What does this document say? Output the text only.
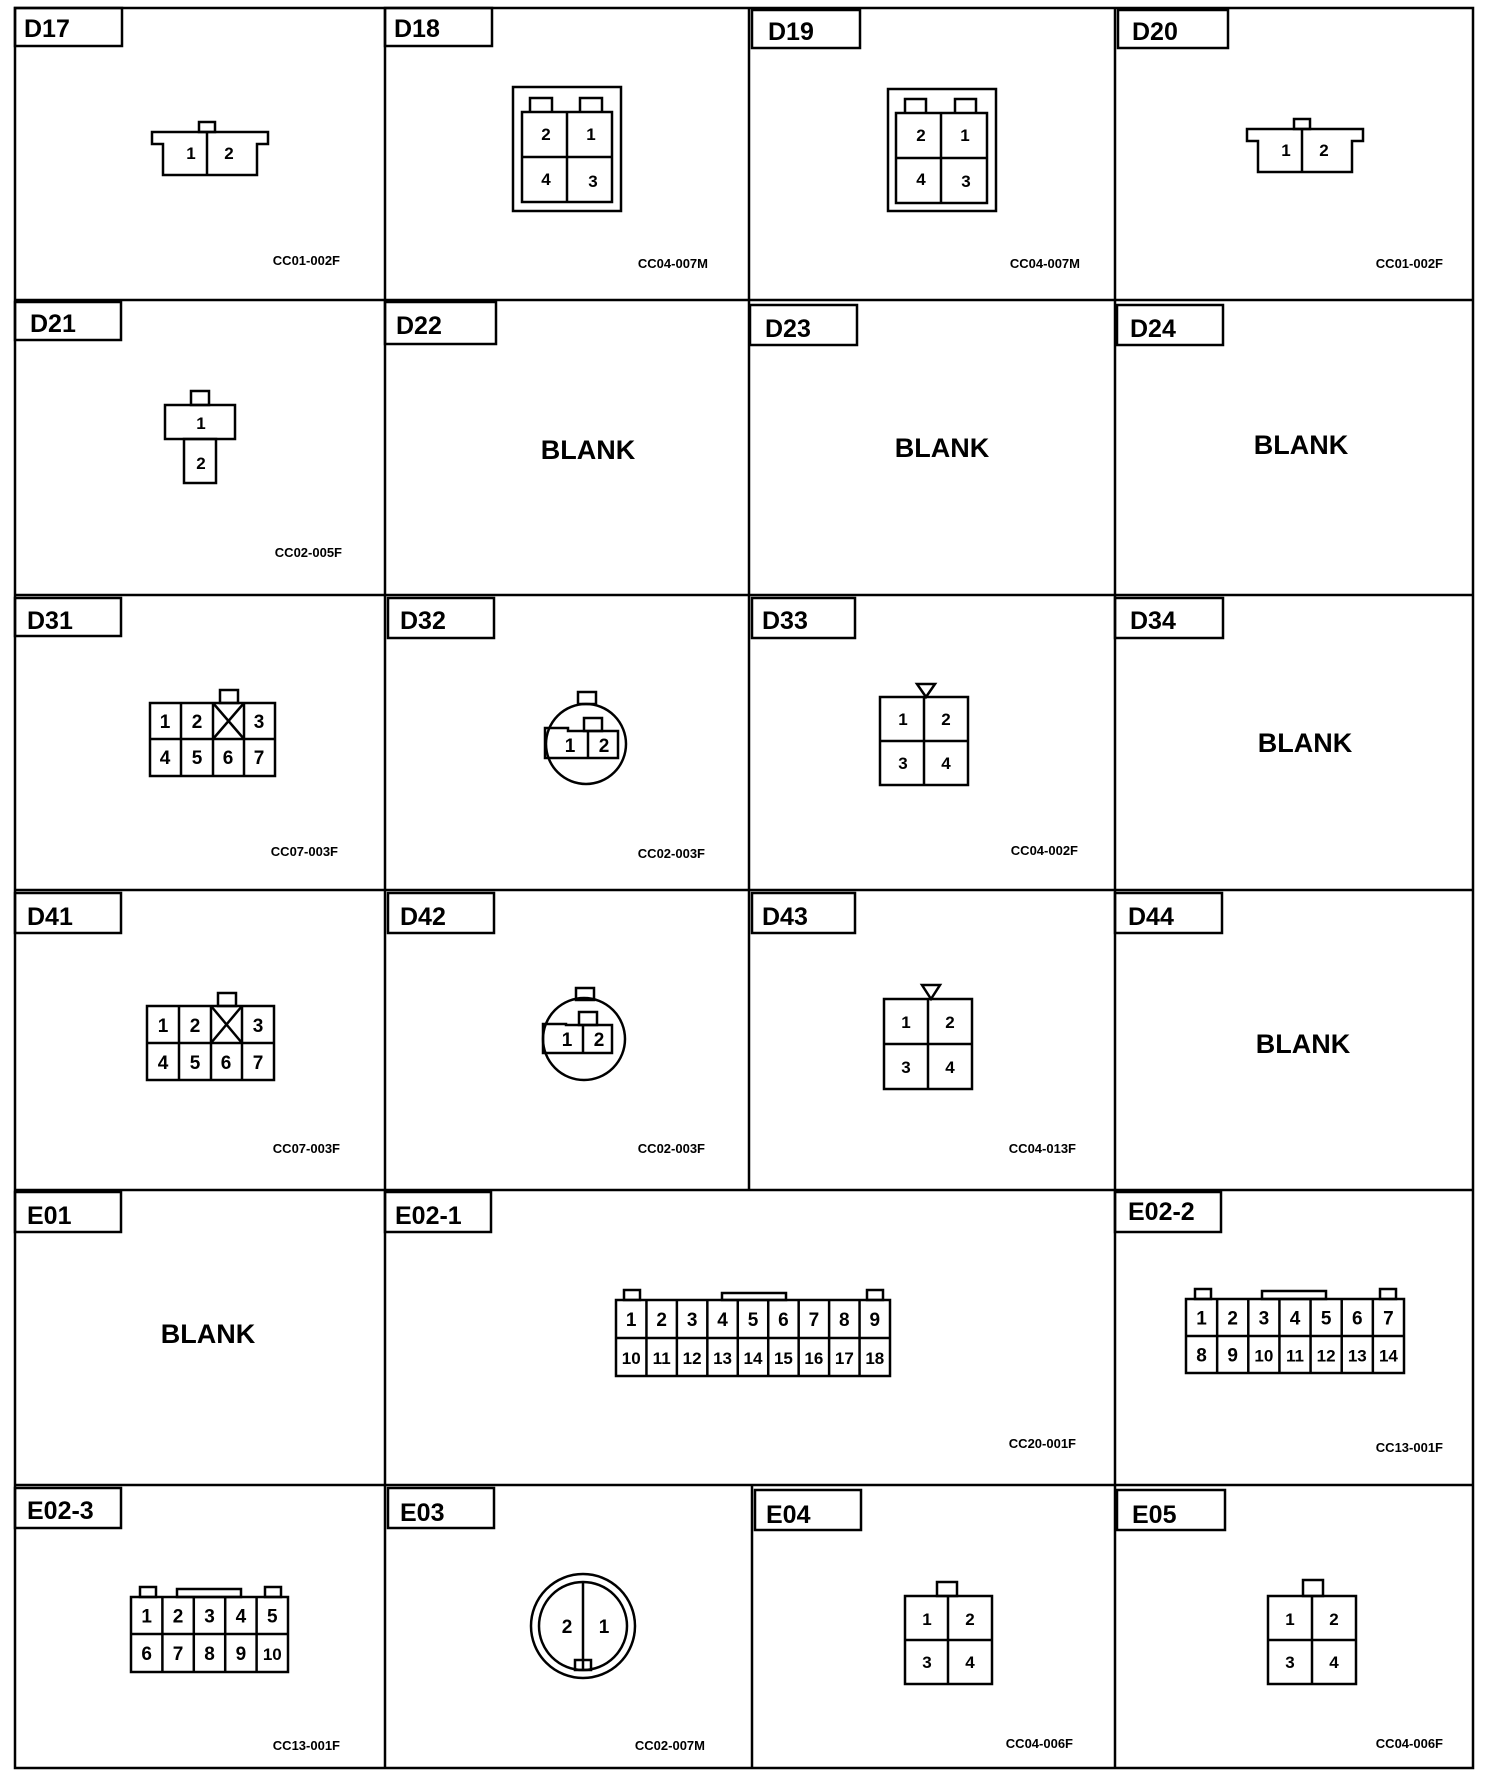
D17
1 2
CC01-002F
D18
2 1
4 3
CC04-007M
D19
2 1
4 3
CC04-007M
D20
1 2
CC01-002F
D21
1
2
CC02-005F
D22
BLANK
D23
BLANK
D24
BLANK
D31
1 2	3
4 5 6 7
CC07-003F
D32
1 2
CC02-003F
D33
1 2
3 4
CC04-002F
D34
BLANK
D41
1 2	3
4 5 6 7
CC07-003F
D42
1 2
CC02-003F
D43
1 2
3 4
CC04-013F
D44
BLANK
E01
BLANK
E02-1
1 2 3 4 5 6 7 8 9
10 11 12 13 14 15 16 17 18
CC20-001F
E02-2
1 2 3 4 5 6 7
8 9 10 11 12 13 14
CC13-001F
E02-3
1 2 3 4 5
6 7 8 9 10
CC13-001F
E03
2 1
CC02-007M
E04
1 2
3 4
CC04-006F
E05
1 2
3 4
CC04-006F
